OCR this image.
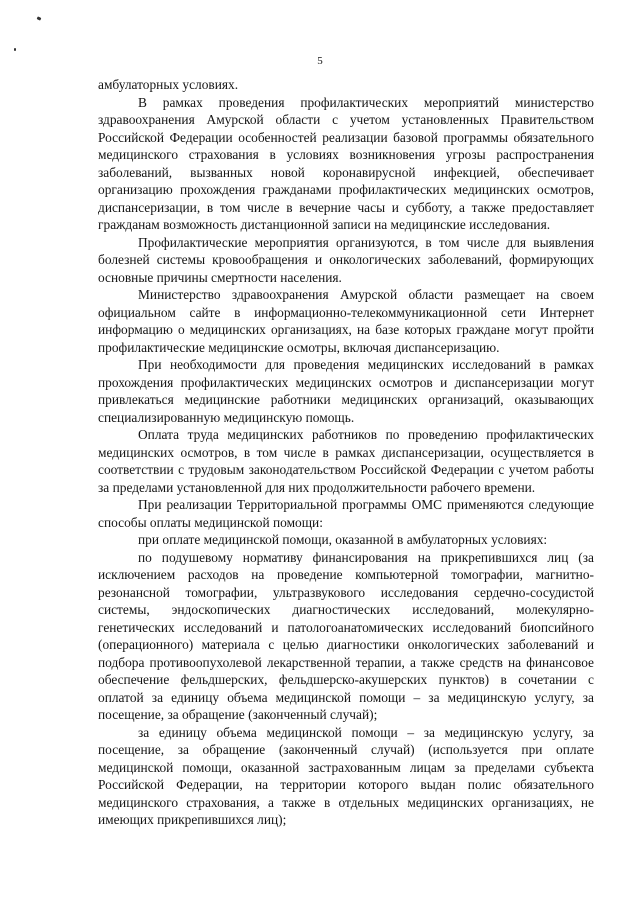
5

амбулаторных условиях.

В рамках проведения профилактических мероприятий министерство здравоохранения Амурской области с учетом установленных Правительством Российской Федерации особенностей реализации базовой программы обязательного медицинского страхования в условиях возникновения угрозы распространения заболеваний, вызванных новой коронавирусной инфекцией, обеспечивает организацию прохождения гражданами профилактических медицинских осмотров, диспансеризации, в том числе в вечерние часы и субботу, а также предоставляет гражданам возможность дистанционной записи на медицинские исследования.

Профилактические мероприятия организуются, в том числе для выявления болезней системы кровообращения и онкологических заболеваний, формирующих основные причины смертности населения.

Министерство здравоохранения Амурской области размещает на своем официальном сайте в информационно-телекоммуникационной сети Интернет информацию о медицинских организациях, на базе которых граждане могут пройти профилактические медицинские осмотры, включая диспансеризацию.

При необходимости для проведения медицинских исследований в рамках прохождения профилактических медицинских осмотров и диспансеризации могут привлекаться медицинские работники медицинских организаций, оказывающих специализированную медицинскую помощь.

Оплата труда медицинских работников по проведению профилактических медицинских осмотров, в том числе в рамках диспансеризации, осуществляется в соответствии с трудовым законодательством Российской Федерации с учетом работы за пределами установленной для них продолжительности рабочего времени.

При реализации Территориальной программы ОМС применяются следующие способы оплаты медицинской помощи:

при оплате медицинской помощи, оказанной в амбулаторных условиях:

по подушевому нормативу финансирования на прикрепившихся лиц (за исключением расходов на проведение компьютерной томографии, магнитно-резонансной томографии, ультразвукового исследования сердечно-сосудистой системы, эндоскопических диагностических исследований, молекулярно-генетических исследований и патологоанатомических исследований биопсийного (операционного) материала с целью диагностики онкологических заболеваний и подбора противоопухолевой лекарственной терапии, а также средств на финансовое обеспечение фельдшерских, фельдшерско-акушерских пунктов) в сочетании с оплатой за единицу объема медицинской помощи – за медицинскую услугу, за посещение, за обращение (законченный случай);

за единицу объема медицинской помощи – за медицинскую услугу, за посещение, за обращение (законченный случай) (используется при оплате медицинской помощи, оказанной застрахованным лицам за пределами субъекта Российской Федерации, на территории которого выдан полис обязательного медицинского страхования, а также в отдельных медицинских организациях, не имеющих прикрепившихся лиц);
